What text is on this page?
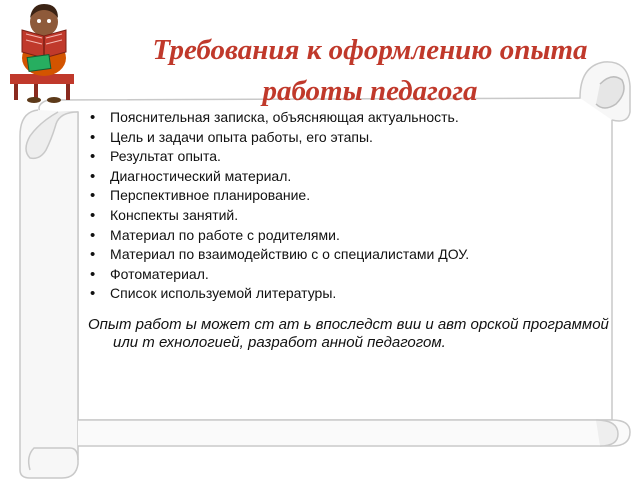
Требования к оформлению опыта
работы педагога
• Пояснительная записка, объясняющая актуальность.
• Цель и задачи опыта работы, его этапы.
• Результат опыта.
• Диагностический материал.
• Перспективное планирование.
• Конспекты занятий.
• Материал по работе с родителями.
• Материал по взаимодействию с о специалистами ДОУ.
• Фотоматериал.
• Список используемой литературы.
Опыт работ ы может ст ат ь впоследст вии и авт орской программой
или т ехнологией, разработ анной педагогом.
